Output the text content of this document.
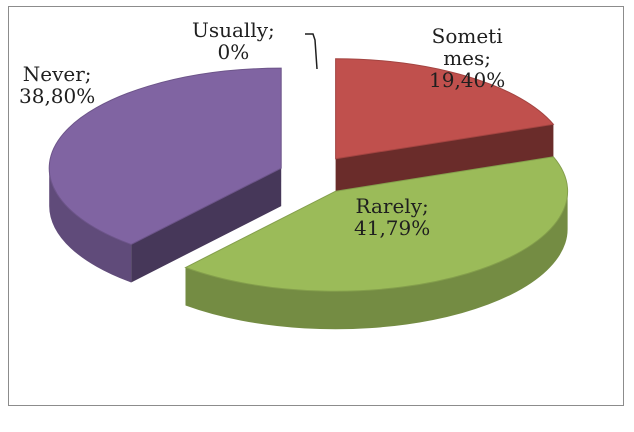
Usually;
0%
Someti
mes;
19,40%
Rarely;
41,79%
Never;
38,80%
